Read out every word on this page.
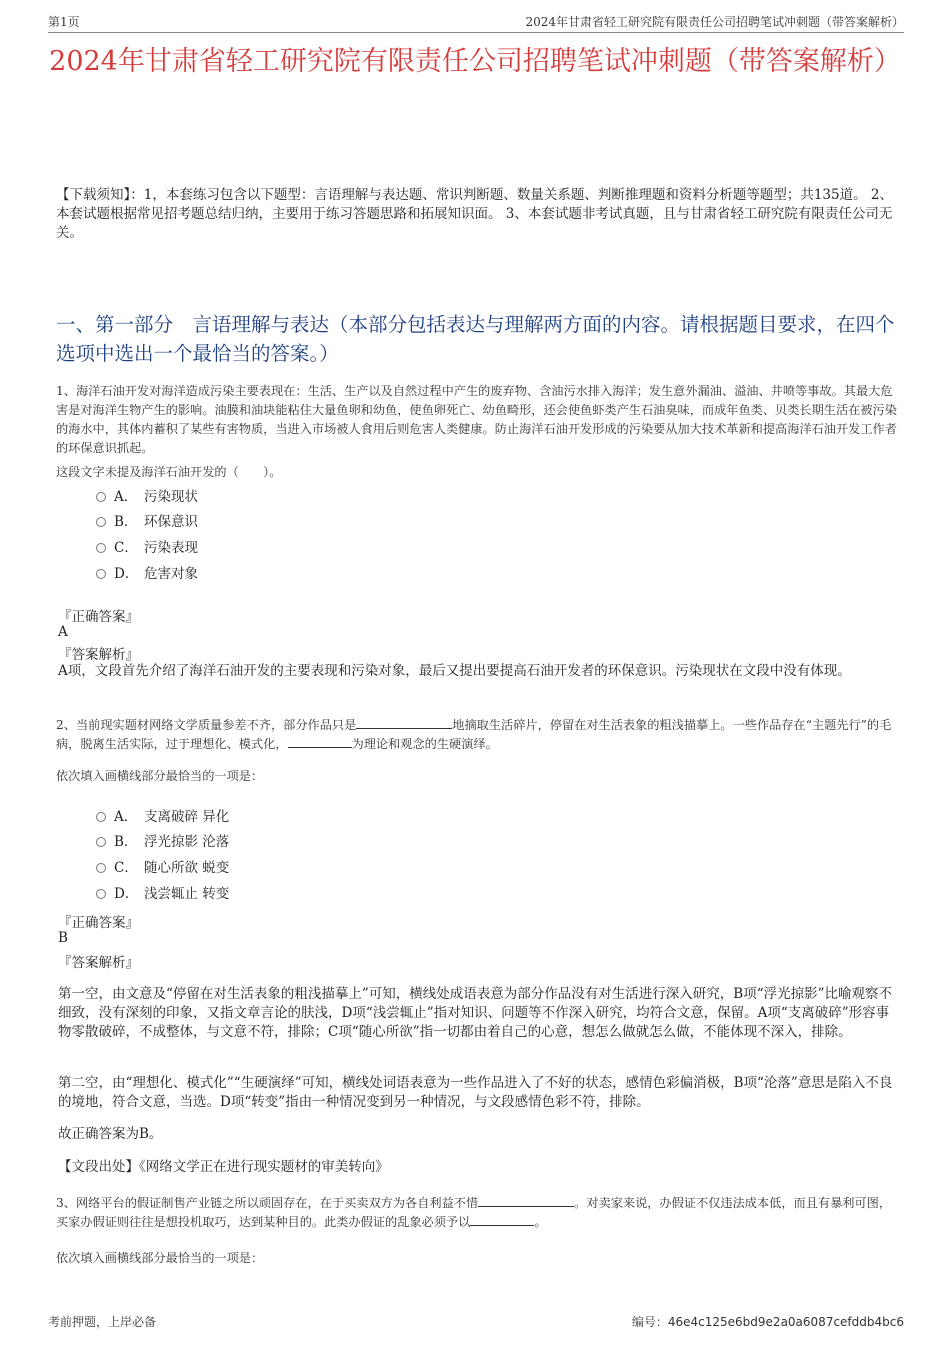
第1页	2024年甘肃省轻工研究院有限责任公司招聘笔试冲刺题（带答案解析）
2024年甘肃省轻工研究院有限责任公司招聘笔试冲刺题（带答案解析）
【下载须知】：1，本套练习包含以下题型：言语理解与表达题、常识判断题、数量关系题、判断推理题和资料分析题等题型；共135道。 2、本套试题根据常见招考题总结归纳，主要用于练习答题思路和拓展知识面。 3、本套试题非考试真题，且与甘肃省轻工研究院有限责任公司无关。
一、第一部分　言语理解与表达（本部分包括表达与理解两方面的内容。请根据题目要求，在四个选项中选出一个最恰当的答案。）
1、海洋石油开发对海洋造成污染主要表现在：生活、生产以及自然过程中产生的废弃物、含油污水排入海洋；发生意外漏油、溢油、井喷等事故。其最大危害是对海洋生物产生的影响。油膜和油块能粘住大量鱼卵和幼鱼，使鱼卵死亡、幼鱼畸形，还会使鱼虾类产生石油臭味，而成年鱼类、贝类长期生活在被污染的海水中，其体内蓄积了某些有害物质，当进入市场被人食用后则危害人类健康。防止海洋石油开发形成的污染要从加大技术革新和提高海洋石油开发工作者的环保意识抓起。
这段文字未提及海洋石油开发的（　　）。
A． 污染现状
B． 环保意识
C． 污染表现
D． 危害对象
『正确答案』
A
『答案解析』
A项，文段首先介绍了海洋石油开发的主要表现和污染对象，最后又提出要提高石油开发者的环保意识。污染现状在文段中没有体现。
2、当前现实题材网络文学质量参差不齐，部分作品只是	地摘取生活碎片，停留在对生活表象的粗浅描摹上。一些作品存在“主题先行”的毛病，脱离生活实际，过于理想化、模式化，	为理论和观念的生硬演绎。
依次填入画横线部分最恰当的一项是：
A． 支离破碎 异化
B． 浮光掠影 沦落
C． 随心所欲 蜕变
D． 浅尝辄止 转变
『正确答案』
B
『答案解析』
第一空，由文意及“停留在对生活表象的粗浅描摹上”可知，横线处成语表意为部分作品没有对生活进行深入研究，B项“浮光掠影”比喻观察不细致，没有深刻的印象，又指文章言论的肤浅，D项“浅尝辄止”指对知识、问题等不作深入研究，均符合文意，保留。A项“支离破碎”形容事物零散破碎，不成整体，与文意不符，排除；C项“随心所欲”指一切都由着自己的心意，想怎么做就怎么做，不能体现不深入，排除。
第二空，由“理想化、模式化”“生硬演绎”可知，横线处词语表意为一些作品进入了不好的状态，感情色彩偏消极，B项“沦落”意思是陷入不良的境地，符合文意，当选。D项“转变”指由一种情况变到另一种情况，与文段感情色彩不符，排除。
故正确答案为B。
【文段出处】《网络文学正在进行现实题材的审美转向》
3、网络平台的假证制售产业链之所以顽固存在，在于买卖双方为各自利益不惜	。对卖家来说，办假证不仅违法成本低，而且有暴利可图，买家办假证则往往是想投机取巧，达到某种目的。此类办假证的乱象必须予以	。
依次填入画横线部分最恰当的一项是：
考前押题，上岸必备	编号：46e4c125e6bd9e2a0a6087cefddb4bc6
